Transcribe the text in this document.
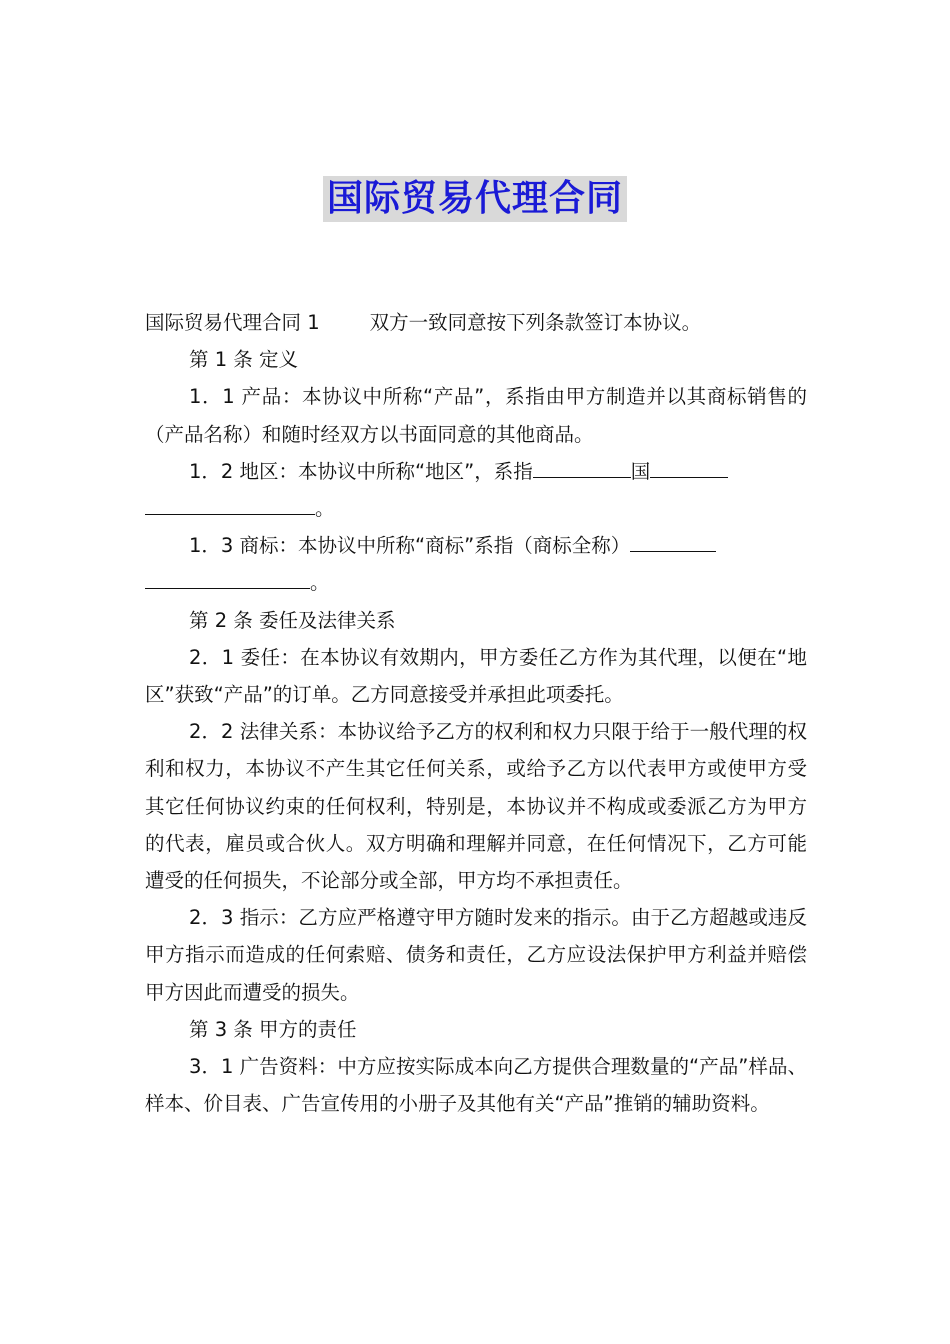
国际贸易代理合同

国际贸易代理合同 1	双方一致同意按下列条款签订本协议。

第 1 条 定义

1．1 产品：本协议中所称“产品”，系指由甲方制造并以其商标销售的（产品名称）和随时经双方以书面同意的其他商品。

1．2 地区：本协议中所称“地区”，系指	国
。

1．3 商标：本协议中所称“商标”系指（商标全称）
。

第 2 条 委任及法律关系

2．1 委任：在本协议有效期内，甲方委任乙方作为其代理，以便在“地区”获致“产品”的订单。乙方同意接受并承担此项委托。

2．2 法律关系：本协议给予乙方的权利和权力只限于给于一般代理的权利和权力，本协议不产生其它任何关系，或给予乙方以代表甲方或使甲方受其它任何协议约束的任何权利，特别是，本协议并不构成或委派乙方为甲方的代表，雇员或合伙人。双方明确和理解并同意，在任何情况下，乙方可能遭受的任何损失，不论部分或全部，甲方均不承担责任。

2．3 指示：乙方应严格遵守甲方随时发来的指示。由于乙方超越或违反甲方指示而造成的任何索赔、债务和责任，乙方应设法保护甲方利益并赔偿甲方因此而遭受的损失。

第 3 条 甲方的责任

3．1 广告资料：中方应按实际成本向乙方提供合理数量的“产品”样品、样本、价目表、广告宣传用的小册子及其他有关“产品”推销的辅助资料。
